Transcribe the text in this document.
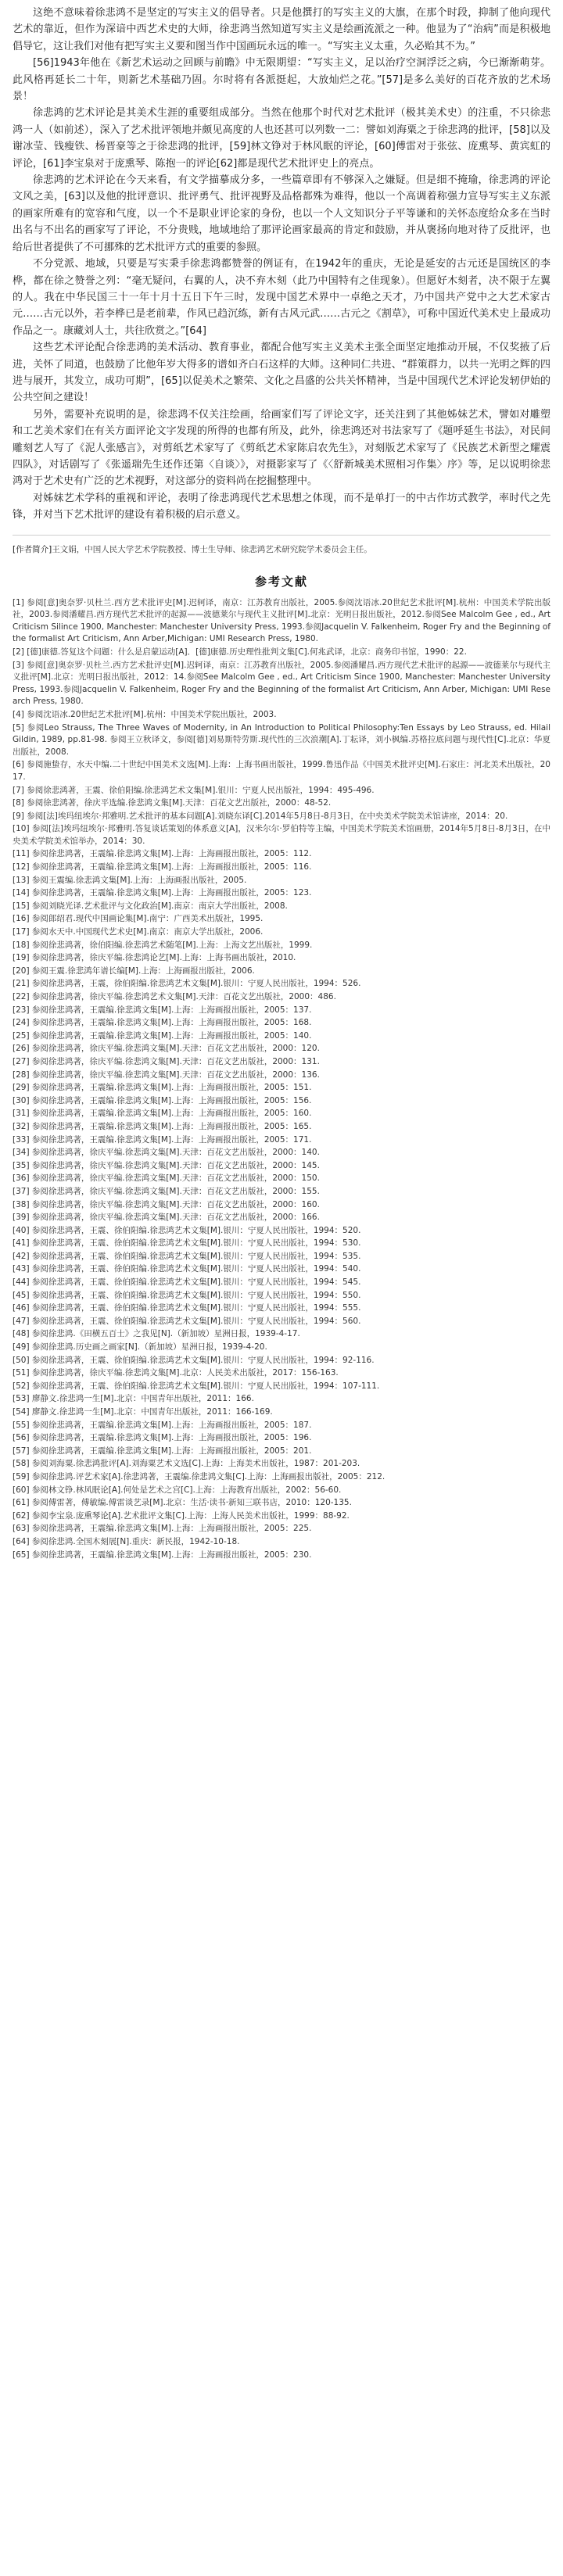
这绝不意味着徐悲鸿不是坚定的写实主义的倡导者。只是他撰打的写实主义的大旗，在那个时段，抑制了他向现代艺术的靠近，但作为深谙中西艺术史的大师，徐悲鸿当然知道写实主义是绘画流派之一种。他显为了“治病”而是积极地倡导它，这让我们对他有把写实主义要和图当作中国画玩永远的唯一。“写实主义太重，久必贻其不为。”

[56]1943年他在《新艺术运动之回顾与前瞻》中无限期望：“写实主义，足以治疗空洞浮泛之病，今已渐渐萌芽。此风格再延长二十年，则新艺术基础乃固。尔时将有各派挺起，大放灿烂之花。”[57]是多么美好的百花齐放的艺术场景！

徐悲鸿的艺术评论是其美术生涯的重要组成部分。当然在他那个时代对艺术批评（极其美术史）的注重，不只徐悲鸿一人（如前述），深入了艺术批评领地并颇见高度的人也还甚可以列数一二：譬如刘海粟之于徐悲鸿的批评，[58]以及谢冰莹、钱瘦铁、杨晋豪等之于徐悲鸿的批评，[59]林文铮对于林风眠的评论，[60]傅雷对于张弦、庞熏琴、黄宾虹的评论，[61]李宝泉对于庞熏琴、陈抱一的评论[62]都是现代艺术批评史上的亮点。

徐悲鸿的艺术评论在今天来看，有文学描摹成分多，一些篇章即有不够深入之嫌疑。但是细不掩瑜，徐悲鸿的评论文风之美，[63]以及他的批评意识、批评勇气、批评视野及品格都殊为难得，他以一个高调着称强力宣导写实主义东派的画家所难有的宽容和气度，以一个不是职业评论家的身份，也以一个人文知识分子平等谦和的关怀态度给众多在当时出名与不出名的画家写了评论，不分贵贱，地域地给了那评论画家最高的肯定和鼓励，并从褒扬向地对待了反批评，也给后世者提供了不可挪殊的艺术批评方式的重要的参照。

不分党派、地域，只要是写实秉手徐悲鸿都赞誉的例证有，在1942年的重庆，无论是延安的古元还是国统区的李桦，都在徐之赞誉之列：“毫无疑问，右翼的人，决不弃木刻（此乃中国特有之佳现象）。但愿好木刻者，决不限于左翼的人。我在中华民国三十一年十月十五日下午三时，发现中国艺术界中一卓绝之天才，乃中国共产党中之大艺术家古元……古元以外，若李桦已是老前辈，作风已趋沉练，新有古风元武……古元之《割草》，可称中国近代美术史上最成功作品之一。康藏刘人士，共往欣赏之。”[64]

这些艺术评论配合徐悲鸿的美术活动、教育事业，都配合他写实主义美术主张全面坚定地推动开展，不仅奖掖了后进，关怀了同道，也鼓励了比他年岁大得多的谱如齐白石这样的大师。这种同仁共进、“群策群力，以共一光明之辉的四进与展开，其发立，成功可期”，[65]以促美术之繁荣、文化之昌盛的公共关怀精神，当是中国现代艺术评论发轫伊始的公共空间之建设！

另外，需要补充说明的是，徐悲鸿不仅关注绘画，给画家们写了评论文字，还关注到了其他姊妹艺术，譬如对雕塑和工艺美术家们在有关方面评论文字发现的所得的也都有所及，此外，徐悲鸿还对书法家写了《题呼延生书法》，对民间雕刻艺人写了《泥人张感言》，对剪纸艺术家写了《剪纸艺术家陈启农先生》，对刻版艺术家写了《民族艺术新型之耀震四队》，对话剧写了《张遥瑞先生还作还第〈自谈〉》，对摄影家写了《〈舒新城美术照相习作集〉序》等，足以说明徐悲鸿对于艺术史有广泛的艺术视野，对这部分的资料尚在挖掘整理中。

对姊妹艺术学科的重视和评论，表明了徐悲鸿现代艺术思想之体现，而不是单打一的中古作坊式教学，率时代之先锋，并对当下艺术批评的建设有着积极的启示意义。

[作者简介]王文娟，中国人民大学艺术学院教授、博士生导师、徐悲鸿艺术研究院学术委员会主任。

参考文献
[1] 参阅[意]奥奈罗·贝杜兰.西方艺术批评史[M].迟轲译，南京：江苏教育出版社，2005.参阅沈语冰.20世纪艺术批评[M].杭州：中国美术学院出版社，2003.参阅潘耀昌.西方现代艺术批评的起源——波德莱尔与现代主义批评[M].北京：光明日报出版社，2012.参阅See Malcolm Gee , ed., Art Criticism Silince 1900, Manchester: Manchester University Press, 1993.参阅Jacquelin V. Falkenheim, Roger Fry and the Beginning of the formalist Art Criticism, Ann Arber,Michigan: UMI Research Press, 1980.
[2] [德]康德.答复这个问题：什么是启蒙运动[A]．[德]康德.历史理性批判文集[C].何兆武译，北京：商务印书馆，1990：22.
[3] 参阅[意]奥奈罗·贝杜兰.西方艺术批评史[M].迟轲译，南京：江苏教育出版社，2005.参阅潘耀昌.西方现代艺术批评的起源——波德莱尔与现代主义批评[M].北京：光明日报出版社，2012：14.参阅See Malcolm Gee , ed., Art Criticism Since 1900, Manchester: Manchester University Press, 1993.参阅Jacquelin V. Falkenheim, Roger Fry and the Beginning of the formalist Art Criticism, Ann Arber, Michigan: UMI Research Press, 1980.
[4] 参阅沈语冰.20世纪艺术批评[M].杭州：中国美术学院出版社，2003.
[5] 参阅Leo Strauss, The Three Waves of Modernity, in An Introduction to Political Philosophy:Ten Essays by Leo Strauss, ed. Hilail Gildin, 1989, pp.81-98. 参阅王立秋译文，参阅[德]刘易斯特劳斯.现代性的三次浪潮[A].丁耘译，刘小枫编.苏格拉底问题与现代性[C].北京：华夏出版社，2008.
[6] 参阅施蛰存，水天中编.二十世纪中国美术文选[M].上海：上海书画出版社，1999.鲁迅作品《中国美术批评史[M].石家庄：河北美术出版社，2017.
[7] 参阅徐悲鸿著，王震、徐伯阳编.徐悲鸿艺术文集[M].银川：宁夏人民出版社，1994：495-496.
[8] 参阅徐悲鸿著，徐庆平选编.徐悲鸿文集[M].天津：百花文艺出版社，2000：48-52.
[9] 参阅[法]埃玛纽埃尔·邦雅明.艺术批评的基本问题[A].刘晓东译[C].2014年5月8日-8月3日，在中央美术学院美术馆讲座，2014：20.
[10] 参阅[法]埃玛纽埃尔·邦雅明.答复谈话策划的体系意义[A]，汉米尔尔·罗伯特等主编，中国美术学院美术馆画册，2014年5月8日-8月3日，在中央美术学院美术馆举办，2014：30.
[11] 参阅徐悲鸿著，王震编.徐悲鸿文集[M].上海：上海画报出版社，2005：112.
[12] 参阅徐悲鸿著，王震编.徐悲鸿文集[M].上海：上海画报出版社，2005：116.
[13] 参阅王震编.徐悲鸿文集[M].上海：上海画报出版社，2005.
[14] 参阅徐悲鸿著，王震编.徐悲鸿文集[M].上海：上海画报出版社，2005：123.
[15] 参阅刘晓光译.艺术批评与文化政治[M].南京：南京大学出版社，2008.
[16] 参阅郎绍君.现代中国画论集[M].南宁：广西美术出版社，1995.
[17] 参阅水天中.中国现代艺术史[M].南京：南京大学出版社，2006.
[18] 参阅徐悲鸿著，徐伯阳编.徐悲鸿艺术随笔[M].上海：上海文艺出版社，1999.
[19] 参阅徐悲鸿著，徐庆平编.徐悲鸿论艺[M].上海：上海书画出版社，2010.
[20] 参阅王震.徐悲鸿年谱长编[M].上海：上海画报出版社，2006.
[21] 参阅徐悲鸿著，王震，徐伯阳编.徐悲鸿艺术文集[M].银川：宁夏人民出版社，1994：526.
[22] 参阅徐悲鸿著，徐庆平编.徐悲鸿艺术文集[M].天津：百花文艺出版社，2000：486.
[23] 参阅徐悲鸿著，王震编.徐悲鸿文集[M].上海：上海画报出版社，2005：137.
[24] 参阅徐悲鸿著，王震编.徐悲鸿文集[M].上海：上海画报出版社，2005：168.
[25] 参阅徐悲鸿著，王震编.徐悲鸿文集[M].上海：上海画报出版社，2005：140.
[26] 参阅徐悲鸿著，徐庆平编.徐悲鸿文集[M].天津：百花文艺出版社，2000：120.
[27] 参阅徐悲鸿著，徐庆平编.徐悲鸿文集[M].天津：百花文艺出版社，2000：131.
[28] 参阅徐悲鸿著，徐庆平编.徐悲鸿文集[M].天津：百花文艺出版社，2000：136.
[29] 参阅徐悲鸿著，王震编.徐悲鸿文集[M].上海：上海画报出版社，2005：151.
[30] 参阅徐悲鸿著，王震编.徐悲鸿文集[M].上海：上海画报出版社，2005：156.
[31] 参阅徐悲鸿著，王震编.徐悲鸿文集[M].上海：上海画报出版社，2005：160.
[32] 参阅徐悲鸿著，王震编.徐悲鸿文集[M].上海：上海画报出版社，2005：165.
[33] 参阅徐悲鸿著，王震编.徐悲鸿文集[M].上海：上海画报出版社，2005：171.
[34] 参阅徐悲鸿著，徐庆平编.徐悲鸿文集[M].天津：百花文艺出版社，2000：140.
[35] 参阅徐悲鸿著，徐庆平编.徐悲鸿文集[M].天津：百花文艺出版社，2000：145.
[36] 参阅徐悲鸿著，徐庆平编.徐悲鸿文集[M].天津：百花文艺出版社，2000：150.
[37] 参阅徐悲鸿著，徐庆平编.徐悲鸿文集[M].天津：百花文艺出版社，2000：155.
[38] 参阅徐悲鸿著，徐庆平编.徐悲鸿文集[M].天津：百花文艺出版社，2000：160.
[39] 参阅徐悲鸿著，徐庆平编.徐悲鸿文集[M].天津：百花文艺出版社，2000：166.
[40] 参阅徐悲鸿著，王震、徐伯阳编.徐悲鸿艺术文集[M].银川：宁夏人民出版社，1994：520.
[41] 参阅徐悲鸿著，王震、徐伯阳编.徐悲鸿艺术文集[M].银川：宁夏人民出版社，1994：530.
[42] 参阅徐悲鸿著，王震、徐伯阳编.徐悲鸿艺术文集[M].银川：宁夏人民出版社，1994：535.
[43] 参阅徐悲鸿著，王震、徐伯阳编.徐悲鸿艺术文集[M].银川：宁夏人民出版社，1994：540.
[44] 参阅徐悲鸿著，王震、徐伯阳编.徐悲鸿艺术文集[M].银川：宁夏人民出版社，1994：545.
[45] 参阅徐悲鸿著，王震、徐伯阳编.徐悲鸿艺术文集[M].银川：宁夏人民出版社，1994：550.
[46] 参阅徐悲鸿著，王震、徐伯阳编.徐悲鸿艺术文集[M].银川：宁夏人民出版社，1994：555.
[47] 参阅徐悲鸿著，王震、徐伯阳编.徐悲鸿艺术文集[M].银川：宁夏人民出版社，1994：560.
[48] 参阅徐悲鸿.《田横五百士》之我见[N].（新加坡）星洲日报，1939-4-17.
[49] 参阅徐悲鸿.历史画之画家[N].（新加坡）星洲日报，1939-4-20.
[50] 参阅徐悲鸿著，王震、徐伯阳编.徐悲鸿艺术文集[M].银川：宁夏人民出版社，1994：92-116.
[51] 参阅徐悲鸿著，徐庆平编.徐悲鸿文集[M].北京：人民美术出版社，2017：156-163.
[52] 参阅徐悲鸿著，王震、徐伯阳编.徐悲鸿艺术文集[M].银川：宁夏人民出版社，1994：107-111.
[53] 廖静文.徐悲鸿一生[M].北京：中国青年出版社，2011：166.
[54] 廖静文.徐悲鸿一生[M].北京：中国青年出版社，2011：166-169.
[55] 参阅徐悲鸿著，王震编.徐悲鸿文集[M].上海：上海画报出版社，2005：187.
[56] 参阅徐悲鸿著，王震编.徐悲鸿文集[M].上海：上海画报出版社，2005：196.
[57] 参阅徐悲鸿著，王震编.徐悲鸿文集[M].上海：上海画报出版社，2005：201.
[58] 参阅刘海粟.徐悲鸿批评[A].刘海粟艺术文选[C].上海：上海美术出版社，1987：201-203.
[59] 参阅徐悲鸿.评艺术家[A].徐悲鸿著，王震编.徐悲鸿文集[C].上海：上海画报出版社，2005：212.
[60] 参阅林文铮.林风眠论[A].何处是艺术之宫[C].上海：上海教育出版社，2002：56-60.
[61] 参阅傅雷著，傅敏编.傅雷谈艺录[M].北京：生活·读书·新知三联书店，2010：120-135.
[62] 参阅李宝泉.庞熏琴论[A].艺术批评文集[C].上海：上海人民美术出版社，1999：88-92.
[63] 参阅徐悲鸿著，王震编.徐悲鸿文集[M].上海：上海画报出版社，2005：225.
[64] 参阅徐悲鸿.全国木刻展[N].重庆：新民报，1942-10-18.
[65] 参阅徐悲鸿著，王震编.徐悲鸿文集[M].上海：上海画报出版社，2005：230.
